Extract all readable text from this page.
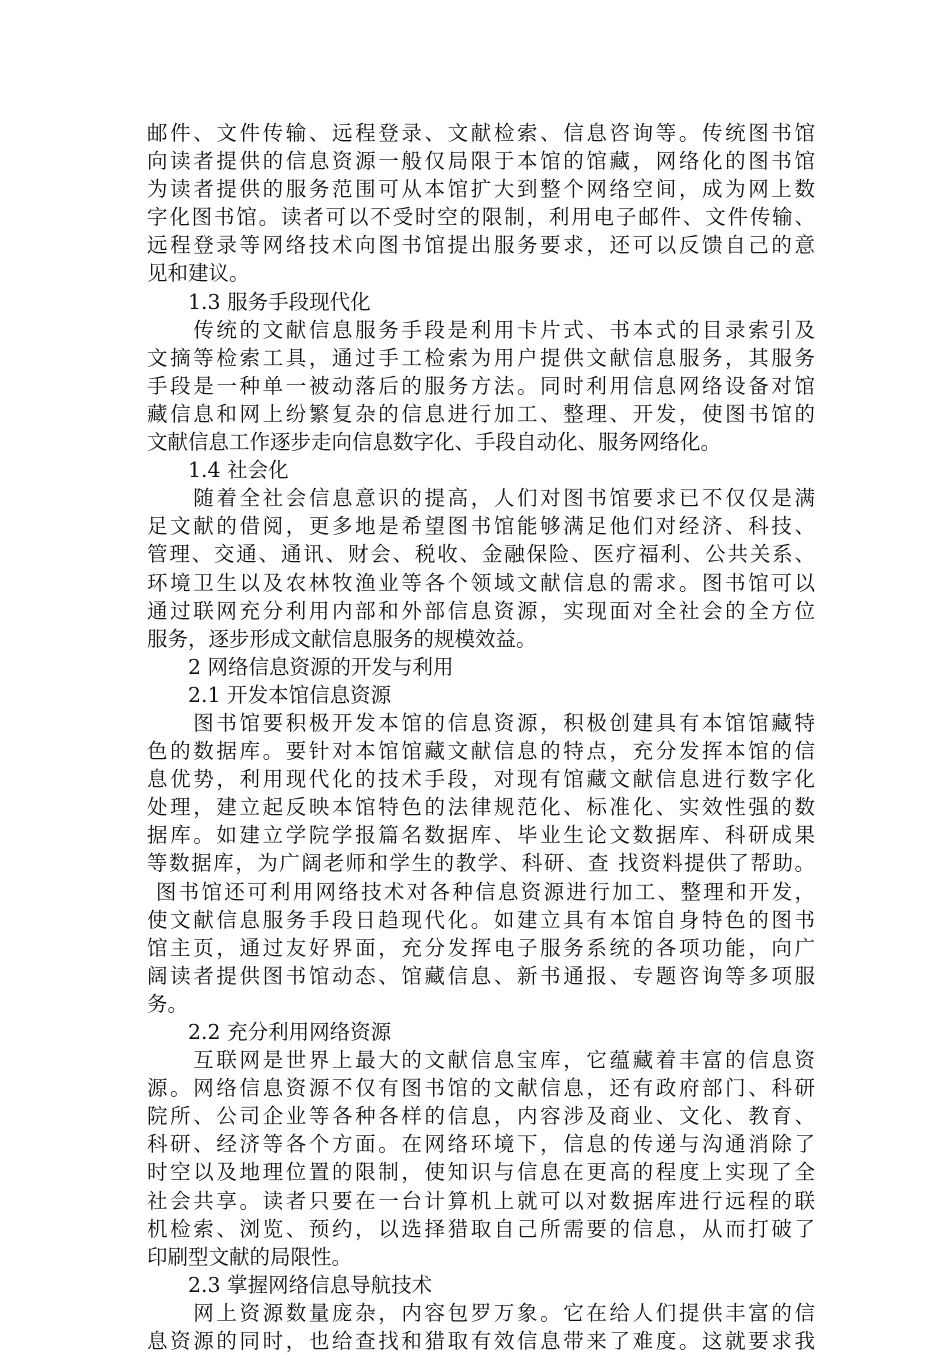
邮件、文件传输、远程登录、文献检索、信息咨询等。传统图书馆
向读者提供的信息资源一般仅局限于本馆的馆藏，网络化的图书馆
为读者提供的服务范围可从本馆扩大到整个网络空间，成为网上数
字化图书馆。读者可以不受时空的限制，利用电子邮件、文件传输、
远程登录等网络技术向图书馆提出服务要求，还可以反馈自己的意
见和建议。
　　1.3 服务手段现代化
　　传统的文献信息服务手段是利用卡片式、书本式的目录索引及
文摘等检索工具，通过手工检索为用户提供文献信息服务，其服务
手段是一种单一被动落后的服务方法。同时利用信息网络设备对馆
藏信息和网上纷繁复杂的信息进行加工、整理、开发，使图书馆的
文献信息工作逐步走向信息数字化、手段自动化、服务网络化。
　　1.4 社会化
　　随着全社会信息意识的提高，人们对图书馆要求已不仅仅是满
足文献的借阅，更多地是希望图书馆能够满足他们对经济、科技、
管理、交通、通讯、财会、税收、金融保险、医疗福利、公共关系、
环境卫生以及农林牧渔业等各个领域文献信息的需求。图书馆可以
通过联网充分利用内部和外部信息资源，实现面对全社会的全方位
服务，逐步形成文献信息服务的规模效益。
　　2 网络信息资源的开发与利用
　　2.1 开发本馆信息资源
　　图书馆要积极开发本馆的信息资源，积极创建具有本馆馆藏特
色的数据库。要针对本馆馆藏文献信息的特点，充分发挥本馆的信
息优势，利用现代化的技术手段，对现有馆藏文献信息进行数字化
处理，建立起反映本馆特色的法律规范化、标准化、实效性强的数
据库。如建立学院学报篇名数据库、毕业生论文数据库、科研成果
等数据库，为广阔老师和学生的教学、科研、查 找资料提供了帮助。
图书馆还可利用网络技术对各种信息资源进行加工、整理和开发，
使文献信息服务手段日趋现代化。如建立具有本馆自身特色的图书
馆主页，通过友好界面，充分发挥电子服务系统的各项功能，向广
阔读者提供图书馆动态、馆藏信息、新书通报、专题咨询等多项服
务。
　　2.2 充分利用网络资源
　　互联网是世界上最大的文献信息宝库，它蕴藏着丰富的信息资
源。网络信息资源不仅有图书馆的文献信息，还有政府部门、科研
院所、公司企业等各种各样的信息，内容涉及商业、文化、教育、
科研、经济等各个方面。在网络环境下，信息的传递与沟通消除了
时空以及地理位置的限制，使知识与信息在更高的程度上实现了全
社会共享。读者只要在一台计算机上就可以对数据库进行远程的联
机检索、浏览、预约，以选择猎取自己所需要的信息，从而打破了
印刷型文献的局限性。
　　2.3 掌握网络信息导航技术
　　网上资源数量庞杂，内容包罗万象。它在给人们提供丰富的信
息资源的同时，也给查找和猎取有效信息带来了难度。这就要求我
